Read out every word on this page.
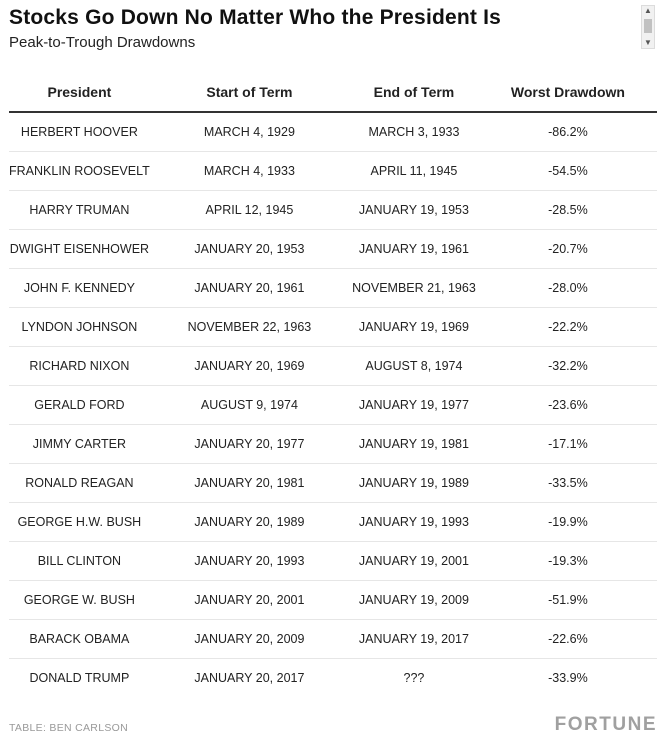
Stocks Go Down No Matter Who the President Is
Peak-to-Trough Drawdowns
▲
▼
President	Start of Term	End of Term	Worst Drawdown
HERBERT HOOVER	MARCH 4, 1929	MARCH 3, 1933	-86.2%
FRANKLIN ROOSEVELT	MARCH 4, 1933	APRIL 11, 1945	-54.5%
HARRY TRUMAN	APRIL 12, 1945	JANUARY 19, 1953	-28.5%
DWIGHT EISENHOWER	JANUARY 20, 1953	JANUARY 19, 1961	-20.7%
JOHN F. KENNEDY	JANUARY 20, 1961	NOVEMBER 21, 1963	-28.0%
LYNDON JOHNSON	NOVEMBER 22, 1963	JANUARY 19, 1969	-22.2%
RICHARD NIXON	JANUARY 20, 1969	AUGUST 8, 1974	-32.2%
GERALD FORD	AUGUST 9, 1974	JANUARY 19, 1977	-23.6%
JIMMY CARTER	JANUARY 20, 1977	JANUARY 19, 1981	-17.1%
RONALD REAGAN	JANUARY 20, 1981	JANUARY 19, 1989	-33.5%
GEORGE H.W. BUSH	JANUARY 20, 1989	JANUARY 19, 1993	-19.9%
BILL CLINTON	JANUARY 20, 1993	JANUARY 19, 2001	-19.3%
GEORGE W. BUSH	JANUARY 20, 2001	JANUARY 19, 2009	-51.9%
BARACK OBAMA	JANUARY 20, 2009	JANUARY 19, 2017	-22.6%
DONALD TRUMP	JANUARY 20, 2017	???	-33.9%
TABLE: BEN CARLSON	FORTUNE
